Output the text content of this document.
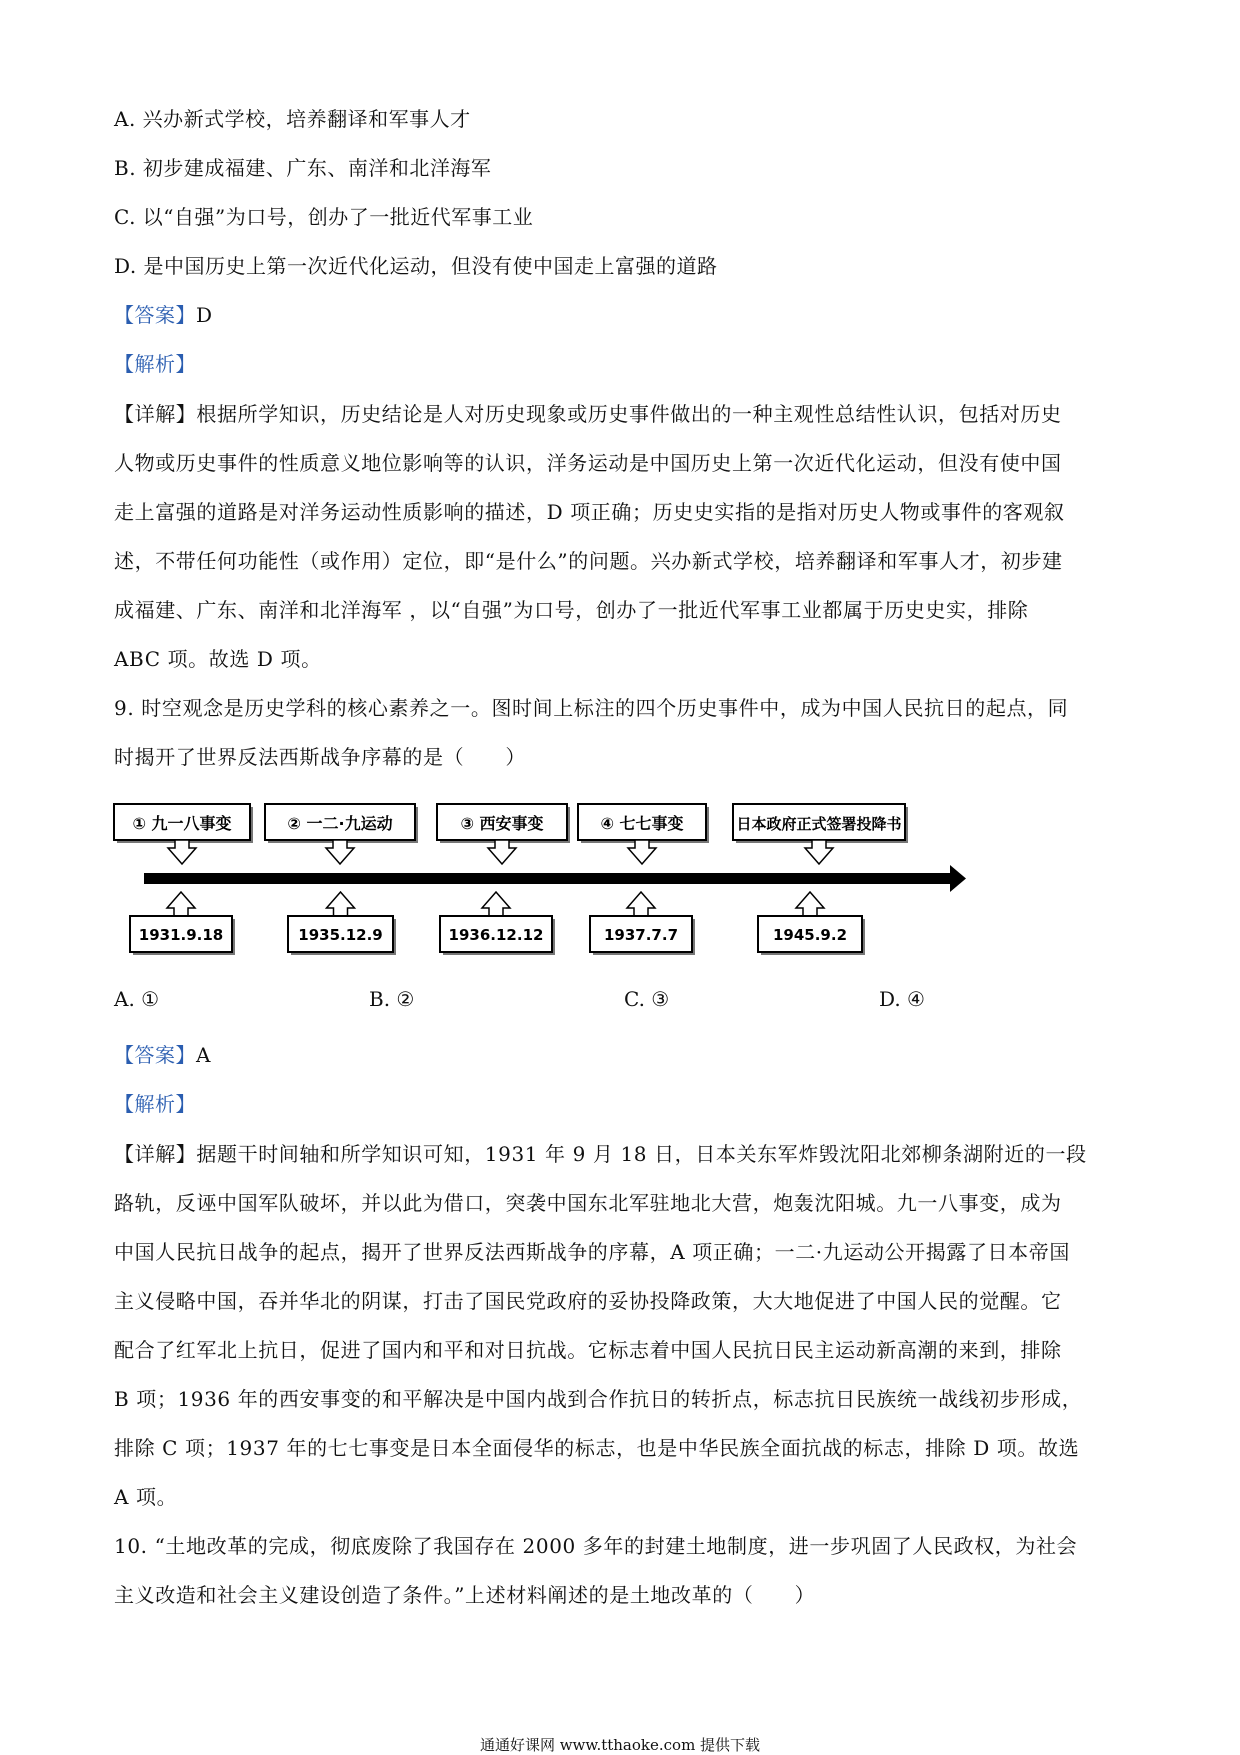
A. 兴办新式学校，培养翻译和军事人才
B. 初步建成福建、广东、南洋和北洋海军
C. 以“自强”为口号，创办了一批近代军事工业
D. 是中国历史上第一次近代化运动，但没有使中国走上富强的道路
【答案】D
【解析】
【详解】根据所学知识，历史结论是人对历史现象或历史事件做出的一种主观性总结性认识，包括对历史
人物或历史事件的性质意义地位影响等的认识，洋务运动是中国历史上第一次近代化运动，但没有使中国
走上富强的道路是对洋务运动性质影响的描述，D 项正确；历史史实指的是指对历史人物或事件的客观叙
述，不带任何功能性（或作用）定位，即“是什么”的问题。兴办新式学校，培养翻译和军事人才，初步建
成福建、广东、南洋和北洋海军 ，以“自强”为口号，创办了一批近代军事工业都属于历史史实，排除
ABC 项。故选 D 项。
9. 时空观念是历史学科的核心素养之一。图时间上标注的四个历史事件中，成为中国人民抗日的起点，同
时揭开了世界反法西斯战争序幕的是（　　）
① 九一八事变	② 一二·九运动	③ 西安事变	④ 七七事变	日本政府正式签署投降书
1931.9.18	1935.12.9	1936.12.12	1937.7.7	1945.9.2
A. ①	B. ②	C. ③	D. ④
【答案】A
【解析】
【详解】据题干时间轴和所学知识可知，1931 年 9 月 18 日，日本关东军炸毁沈阳北郊柳条湖附近的一段
路轨，反诬中国军队破坏，并以此为借口，突袭中国东北军驻地北大营，炮轰沈阳城。九一八事变，成为
中国人民抗日战争的起点，揭开了世界反法西斯战争的序幕，A 项正确；一二·九运动公开揭露了日本帝国
主义侵略中国，吞并华北的阴谋，打击了国民党政府的妥协投降政策，大大地促进了中国人民的觉醒。它
配合了红军北上抗日，促进了国内和平和对日抗战。它标志着中国人民抗日民主运动新高潮的来到，排除
B 项；1936 年的西安事变的和平解决是中国内战到合作抗日的转折点，标志抗日民族统一战线初步形成，
排除 C 项；1937 年的七七事变是日本全面侵华的标志，也是中华民族全面抗战的标志，排除 D 项。故选
A 项。
10. “土地改革的完成，彻底废除了我国存在 2000 多年的封建土地制度，进一步巩固了人民政权，为社会
主义改造和社会主义建设创造了条件。”上述材料阐述的是土地改革的（　　）
通通好课网 www.tthaoke.com 提供下载
